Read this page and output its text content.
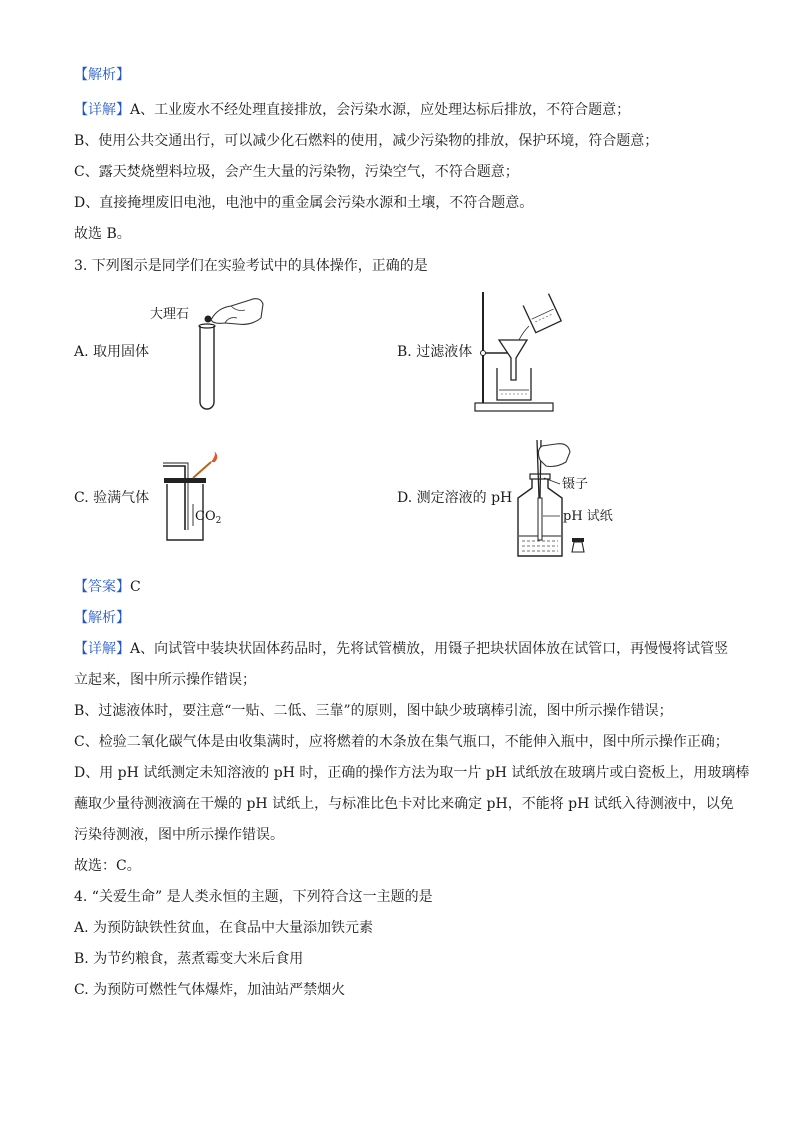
【解析】
【详解】A、工业废水不经处理直接排放，会污染水源，应处理达标后排放，不符合题意；
B、使用公共交通出行，可以减少化石燃料的使用，减少污染物的排放，保护环境，符合题意；
C、露天焚烧塑料垃圾，会产生大量的污染物，污染空气，不符合题意；
D、直接掩埋废旧电池，电池中的重金属会污染水源和土壤，不符合题意。
故选 B。
3. 下列图示是同学们在实验考试中的具体操作，正确的是
A. 取用固体
大理石
B. 过滤液体
C. 验满气体
$CO_2$
D. 测定溶液的 pH
镊子
pH 试纸
【答案】C
【解析】
【详解】A、向试管中装块状固体药品时，先将试管横放，用镊子把块状固体放在试管口，再慢慢将试管竖
立起来，图中所示操作错误；
B、过滤液体时，要注意“一贴、二低、三靠”的原则，图中缺少玻璃棒引流，图中所示操作错误；
C、检验二氧化碳气体是由收集满时，应将燃着的木条放在集气瓶口，不能伸入瓶中，图中所示操作正确；
D、用 pH 试纸测定未知溶液的 pH 时，正确的操作方法为取一片 pH 试纸放在玻璃片或白瓷板上，用玻璃棒
蘸取少量待测液滴在干燥的 pH 试纸上，与标准比色卡对比来确定 pH，不能将 pH 试纸入待测液中，以免
污染待测液，图中所示操作错误。
故选：C。
4. “关爱生命” 是人类永恒的主题，下列符合这一主题的是
A. 为预防缺铁性贫血，在食品中大量添加铁元素
B. 为节约粮食，蒸煮霉变大米后食用
C. 为预防可燃性气体爆炸，加油站严禁烟火
